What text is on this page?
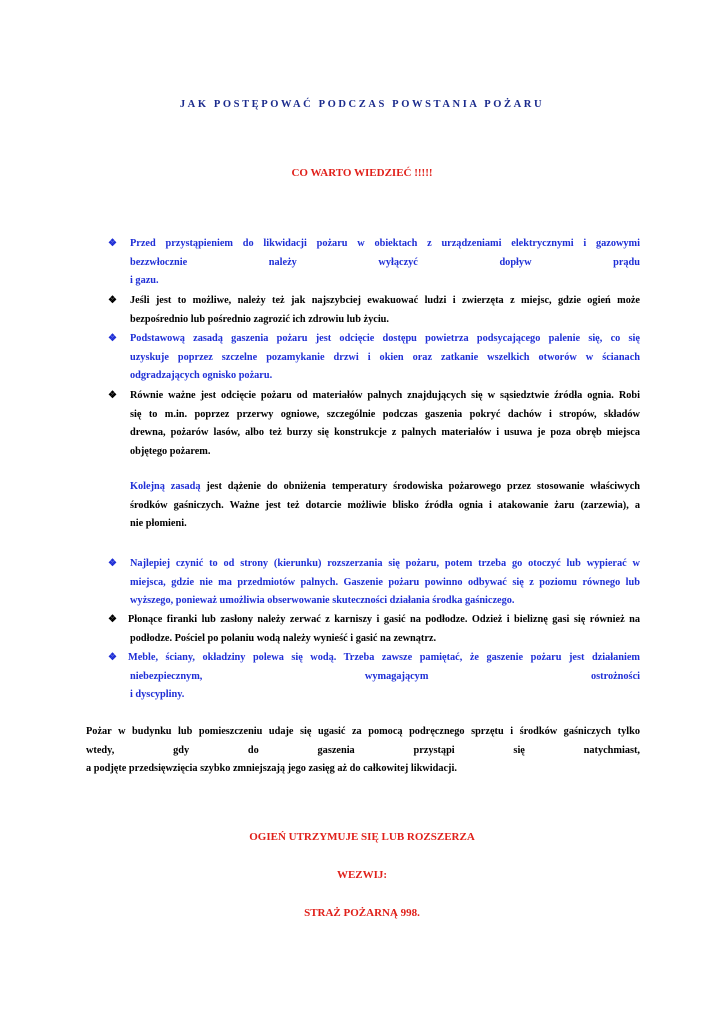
JAK POSTĘPOWAĆ PODCZAS POWSTANIA POŻARU
CO WARTO WIEDZIEĆ !!!!!
❖ Przed przystąpieniem do likwidacji pożaru w obiektach z urządzeniami elektrycznymi i gazowymi
bezzwłocznie należy wyłączyć dopływ prądu
i gazu.
❖ Jeśli jest to możliwe, należy też jak najszybciej ewakuować ludzi i zwierzęta z miejsc, gdzie ogień może
bezpośrednio lub pośrednio zagrozić ich zdrowiu lub życiu.
❖ Podstawową zasadą gaszenia pożaru jest odcięcie dostępu powietrza podsycającego palenie się, co się
uzyskuje poprzez szczelne pozamykanie drzwi i okien oraz zatkanie wszelkich otworów w ścianach
odgradzających ognisko pożaru.
❖ Równie ważne jest odcięcie pożaru od materiałów palnych znajdujących się w sąsiedztwie źródła ognia. Robi
się to m.in. poprzez przerwy ogniowe, szczególnie podczas gaszenia pokryć dachów i stropów, składów
drewna, pożarów lasów, albo też burzy się konstrukcje z palnych materiałów i usuwa je poza obręb miejsca
objętego pożarem.
Kolejną zasadą jest dążenie do obniżenia temperatury środowiska pożarowego przez stosowanie właściwych
środków gaśniczych. Ważne jest też dotarcie możliwie blisko źródła ognia i atakowanie żaru (zarzewia), a
nie płomieni.
❖ Najlepiej czynić to od strony (kierunku) rozszerzania się pożaru, potem trzeba go otoczyć lub wypierać w
miejsca, gdzie nie ma przedmiotów palnych. Gaszenie pożaru powinno odbywać się z poziomu równego lub
wyższego, ponieważ umożliwia obserwowanie skuteczności działania środka gaśniczego.
❖ Płonące firanki lub zasłony należy zerwać z karniszy i gasić na podłodze. Odzież i bieliznę gasi się również na
podłodze. Pościel po polaniu wodą należy wynieść i gasić na zewnątrz.
❖ Meble, ściany, okładziny polewa się wodą. Trzeba zawsze pamiętać, że gaszenie pożaru jest działaniem
niebezpiecznym, wymagającym ostrożności
i dyscypliny.
Pożar w budynku lub pomieszczeniu udaje się ugasić za pomocą podręcznego sprzętu i środków gaśniczych tylko
wtedy, gdy do gaszenia przystąpi się natychmiast,
a podjęte przedsięwzięcia szybko zmniejszają jego zasięg aż do całkowitej likwidacji.
OGIEŃ UTRZYMUJE SIĘ LUB ROZSZERZA
WEZWIJ:
STRAŻ POŻARNĄ 998.
